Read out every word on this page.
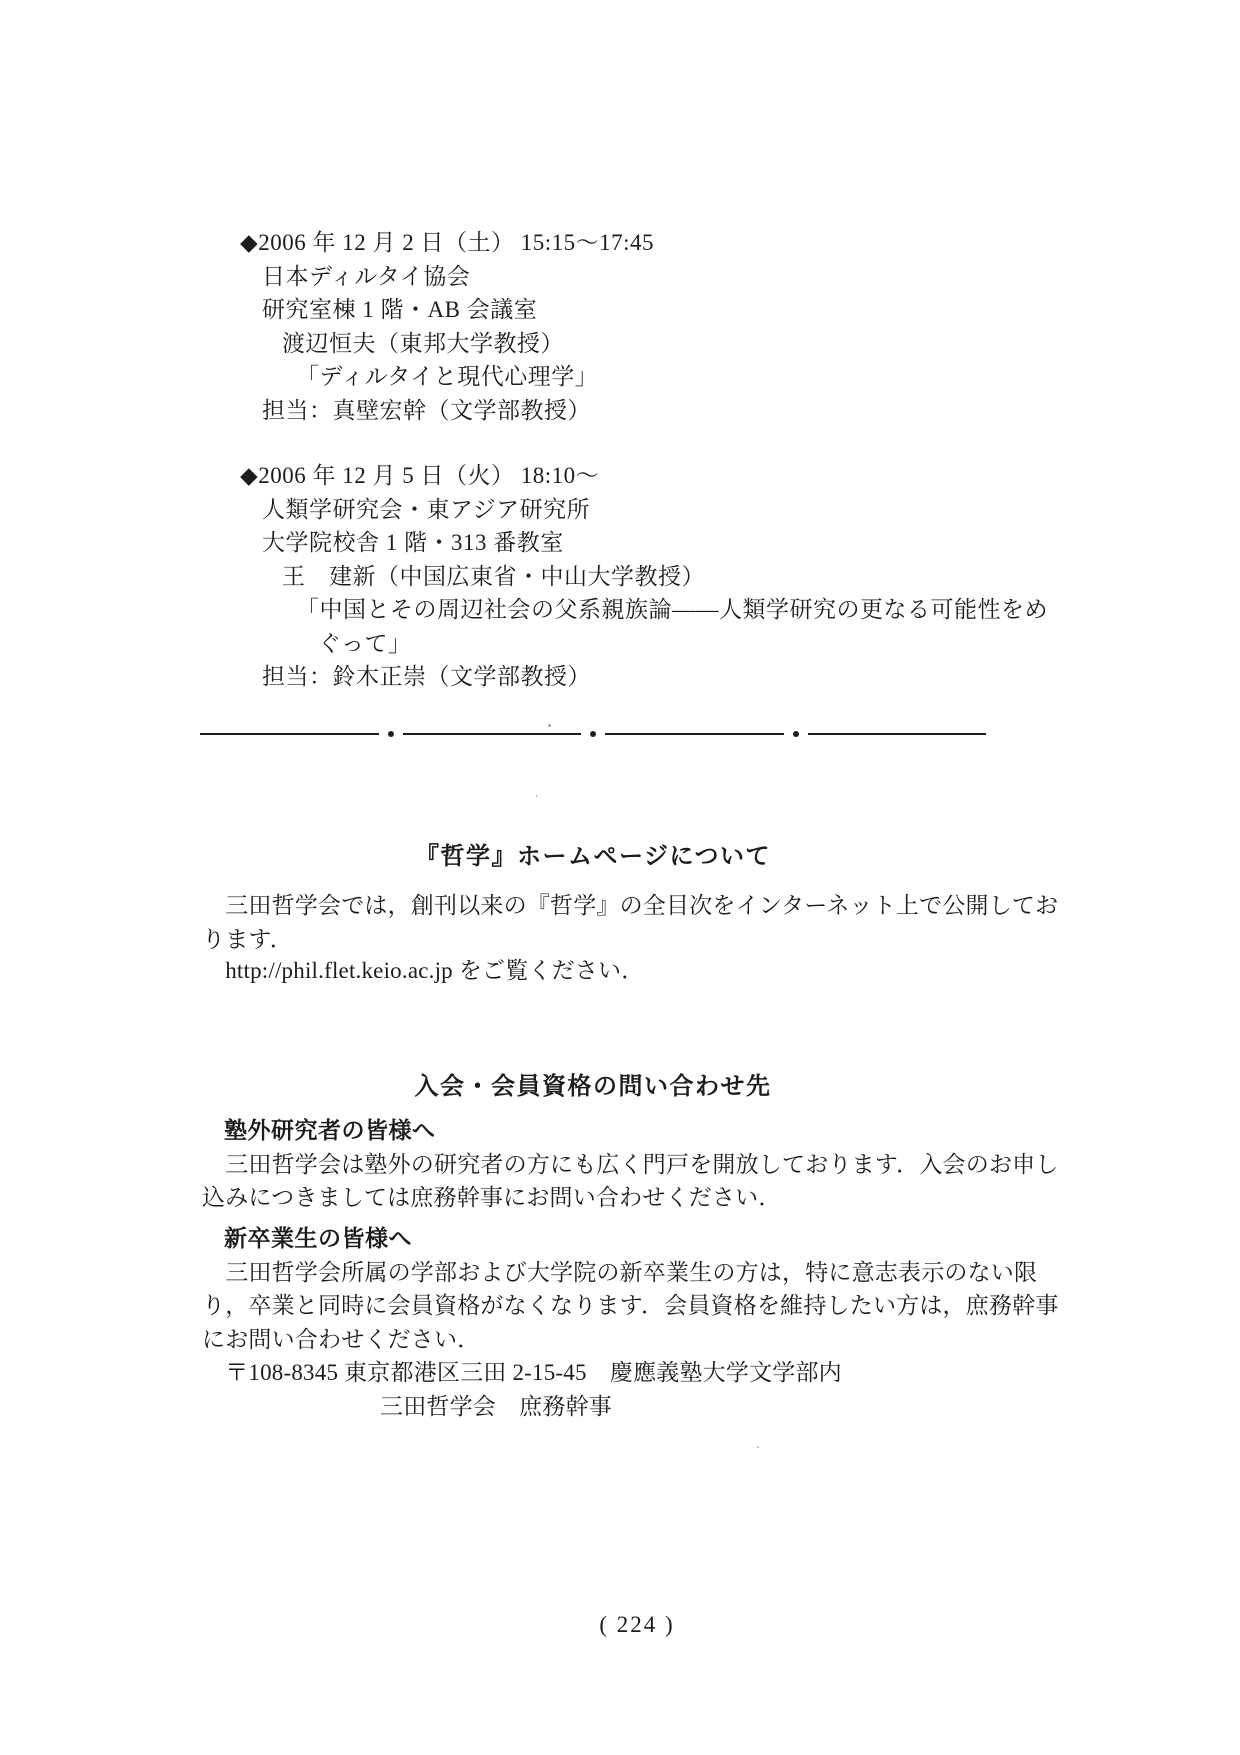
◆2006 年 12 月 2 日（土） 15:15～17:45
日本ディルタイ協会
研究室棟 1 階・AB 会議室
渡辺恒夫（東邦大学教授）
「ディルタイと現代心理学」
担当：真壁宏幹（文学部教授）
◆2006 年 12 月 5 日（火） 18:10～
人類学研究会・東アジア研究所
大学院校舎 1 階・313 番教室
王　建新（中国広東省・中山大学教授）
「中国とその周辺社会の父系親族論――人類学研究の更なる可能性をめ
ぐって」
担当：鈴木正崇（文学部教授）
『哲学』ホームページについて
　三田哲学会では，創刊以来の『哲学』の全目次をインターネット上で公開してお
ります．
　http://phil.flet.keio.ac.jp をご覧ください．
入会・会員資格の問い合わせ先
塾外研究者の皆様へ
　三田哲学会は塾外の研究者の方にも広く門戸を開放しております．入会のお申し
込みにつきましては庶務幹事にお問い合わせください．
新卒業生の皆様へ
　三田哲学会所属の学部および大学院の新卒業生の方は，特に意志表示のない限
り，卒業と同時に会員資格がなくなります．会員資格を維持したい方は，庶務幹事
にお問い合わせください．
　〒108-8345 東京都港区三田 2-15-45　慶應義塾大学文学部内
三田哲学会　庶務幹事
( 224 )
